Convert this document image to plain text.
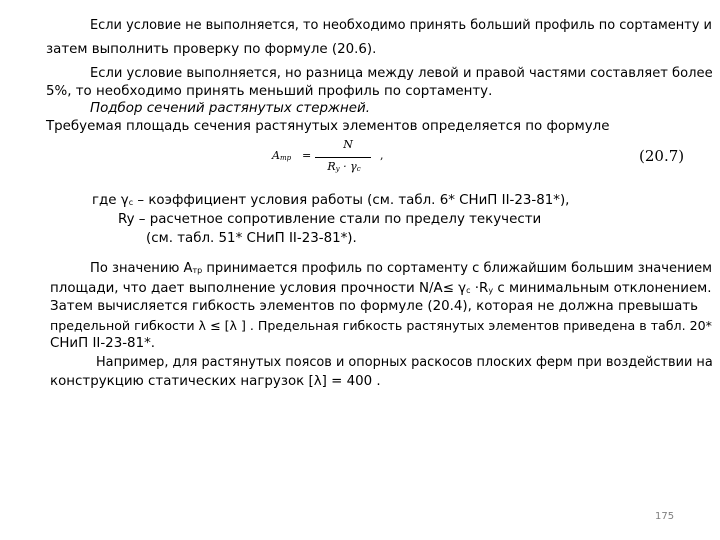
Если условие не выполняется, то необходимо принять больший профиль по сортаменту и
затем выполнить проверку по формуле (20.6).
Если условие выполняется, но разница между левой и правой частями составляет более
5%, то необходимо принять меньший профиль по сортаменту.
Подбор сечений растянутых стержней.
Требуемая площадь сечения растянутых элементов определяется по формуле
Aтр =
N
Ry · γc
,	(20.7)
где γc – коэффициент условия работы (см. табл. 6* СНиП II-23-81*),
Ry – расчетное сопротивление стали по пределу текучести
(см. табл. 51* СНиП II-23-81*).
По значению Атр принимается профиль по сортаменту с ближайшим большим значением
площади, что дает выполнение условия прочности N/A≤ γc ·Ry с минимальным отклонением.
Затем вычисляется гибкость элементов по формуле (20.4), которая не должна превышать
предельной гибкости λ ≤ [λ ] . Предельная гибкость растянутых элементов приведена в табл. 20*
СНиП II-23-81*.
Например, для растянутых поясов и опорных раскосов плоских ферм при воздействии на
конструкцию статических нагрузок [λ] = 400 .
175
